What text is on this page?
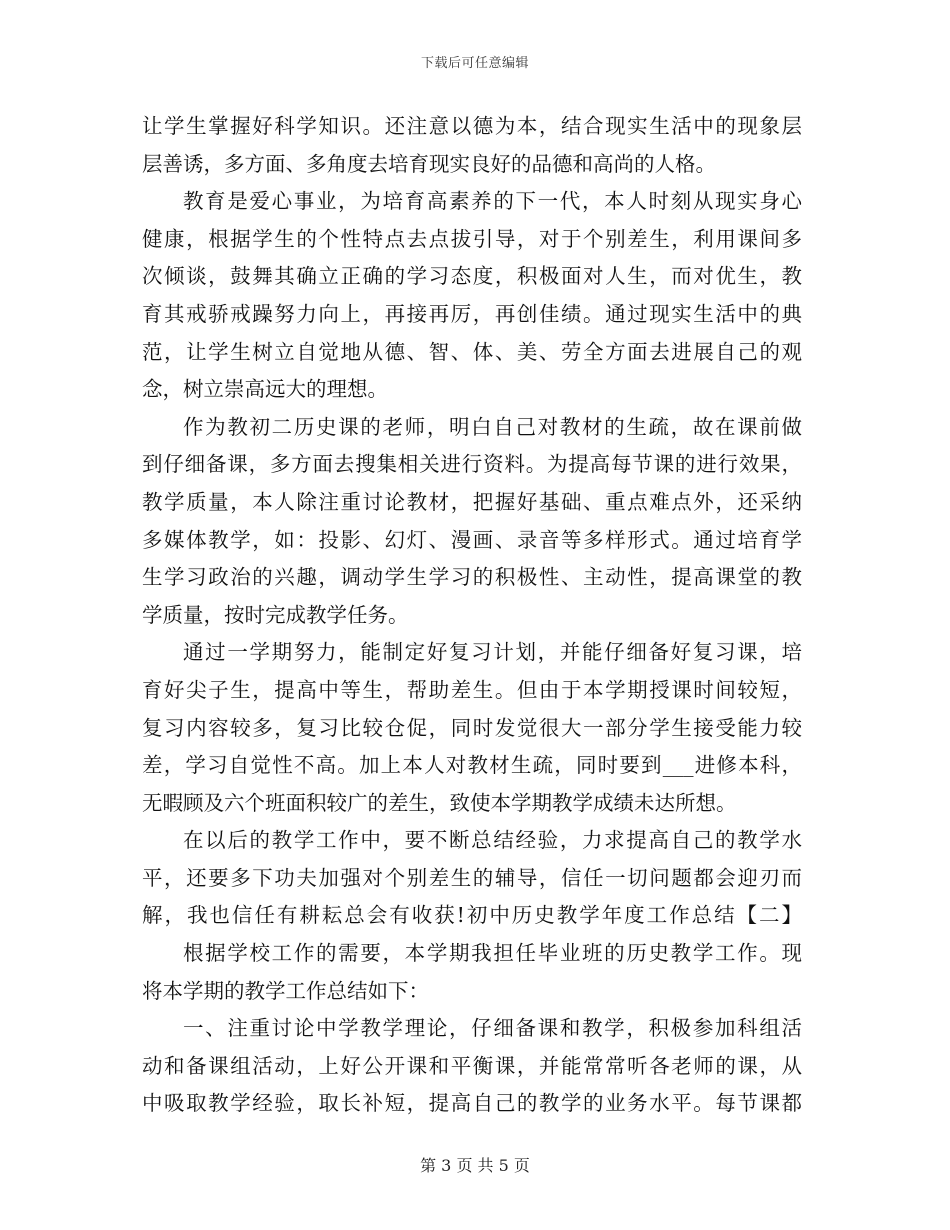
下载后可任意编辑
让学生掌握好科学知识。还注意以德为本，结合现实生活中的现象层
层善诱，多方面、多角度去培育现实良好的品德和高尚的人格。
教育是爱心事业，为培育高素养的下一代，本人时刻从现实身心
健康，根据学生的个性特点去点拔引导，对于个别差生，利用课间多
次倾谈，鼓舞其确立正确的学习态度，积极面对人生，而对优生，教
育其戒骄戒躁努力向上，再接再厉，再创佳绩。通过现实生活中的典
范，让学生树立自觉地从德、智、体、美、劳全方面去进展自己的观
念，树立崇高远大的理想。
作为教初二历史课的老师，明白自己对教材的生疏，故在课前做
到仔细备课，多方面去搜集相关进行资料。为提高每节课的进行效果，
教学质量，本人除注重讨论教材，把握好基础、重点难点外，还采纳
多媒体教学，如：投影、幻灯、漫画、录音等多样形式。通过培育学
生学习政治的兴趣，调动学生学习的积极性、主动性，提高课堂的教
学质量，按时完成教学任务。
通过一学期努力，能制定好复习计划，并能仔细备好复习课，培
育好尖子生，提高中等生，帮助差生。但由于本学期授课时间较短，
复习内容较多，复习比较仓促，同时发觉很大一部分学生接受能力较
差，学习自觉性不高。加上本人对教材生疏，同时要到___进修本科，
无暇顾及六个班面积较广的差生，致使本学期教学成绩未达所想。
在以后的教学工作中，要不断总结经验，力求提高自己的教学水
平，还要多下功夫加强对个别差生的辅导，信任一切问题都会迎刃而
解，我也信任有耕耘总会有收获!初中历史教学年度工作总结【二】
根据学校工作的需要，本学期我担任毕业班的历史教学工作。现
将本学期的教学工作总结如下：
一、注重讨论中学教学理论，仔细备课和教学，积极参加科组活
动和备课组活动，上好公开课和平衡课，并能常常听各老师的课，从
中吸取教学经验，取长补短，提高自己的教学的业务水平。每节课都
第 3 页 共 5 页
